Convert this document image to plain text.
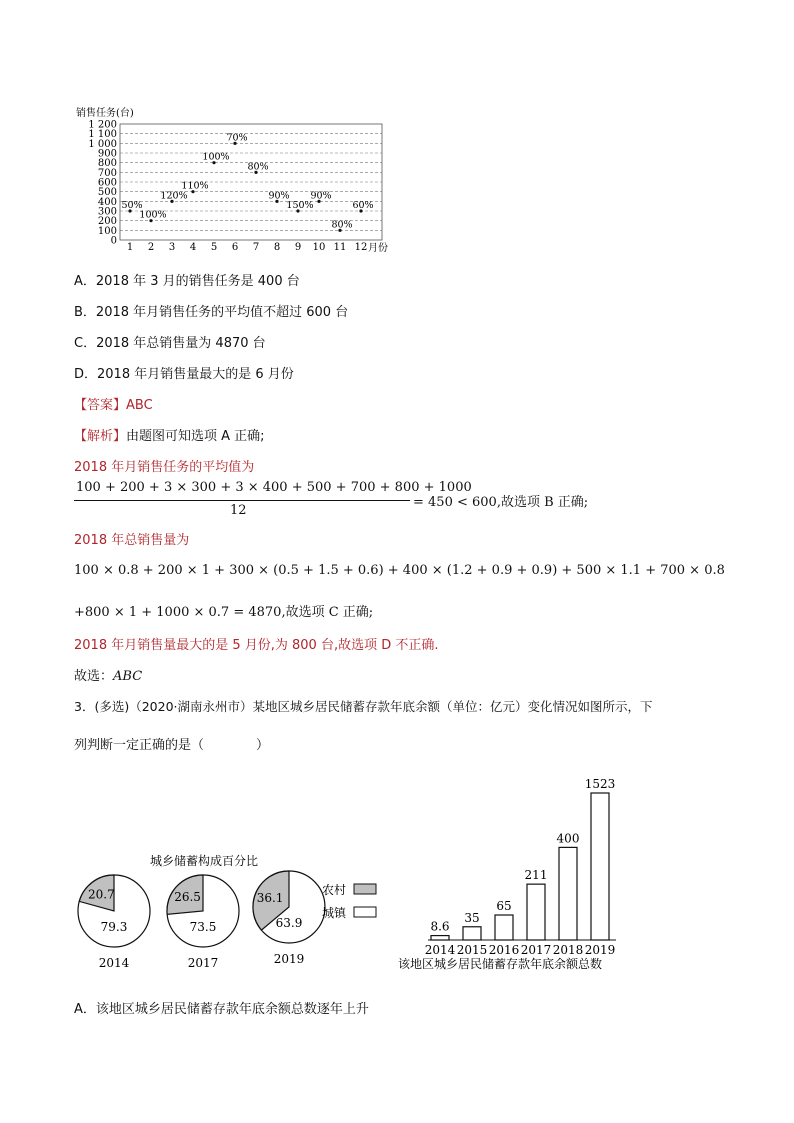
销售任务(台)
月份
0
100
200
300
400
500
600
700
800
900
1 000
1 100
1 200
1 2 3 4 5 6 7 8 9 10 11 12
50%
100%
120%
110%
100%
70%
80%
90%
150%
90%
80%
60%
A．2018 年 3 月的销售任务是 400 台
B．2018 年月销售任务的平均值不超过 600 台
C．2018 年总销售量为 4870 台
D．2018 年月销售量最大的是 6 月份
【答案】ABC
【解析】由题图可知选项 A 正确;
2018 年月销售任务的平均值为
100 + 200 + 3 × 300 + 3 × 400 + 500 + 700 + 800 + 1000
12
= 450 < 600,故选项 B 正确;
2018 年总销售量为
100 × 0.8 + 200 × 1 + 300 × (0.5 + 1.5 + 0.6) + 400 × (1.2 + 0.9 + 0.9) + 500 × 1.1 + 700 × 0.8
+800 × 1 + 1000 × 0.7 = 4870,故选项 C 正确;
2018 年月销售量最大的是 5 月份,为 800 台,故选项 D 不正确.
故选：ABC
3．(多选)（2020·湖南永州市）某地区城乡居民储蓄存款年底余额（单位：亿元）变化情况如图所示，下
列判断一定正确的是（　　　　）
城乡储蓄构成百分比
20.7
79.3
2014
26.5
73.5
2017
36.1
63.9
2019
农村
城镇
8.6
2014
35
2015
65
2016
211
2017
400
2018
1523
2019
该地区城乡居民储蓄存款年底余额总数
A．该地区城乡居民储蓄存款年底余额总数逐年上升
